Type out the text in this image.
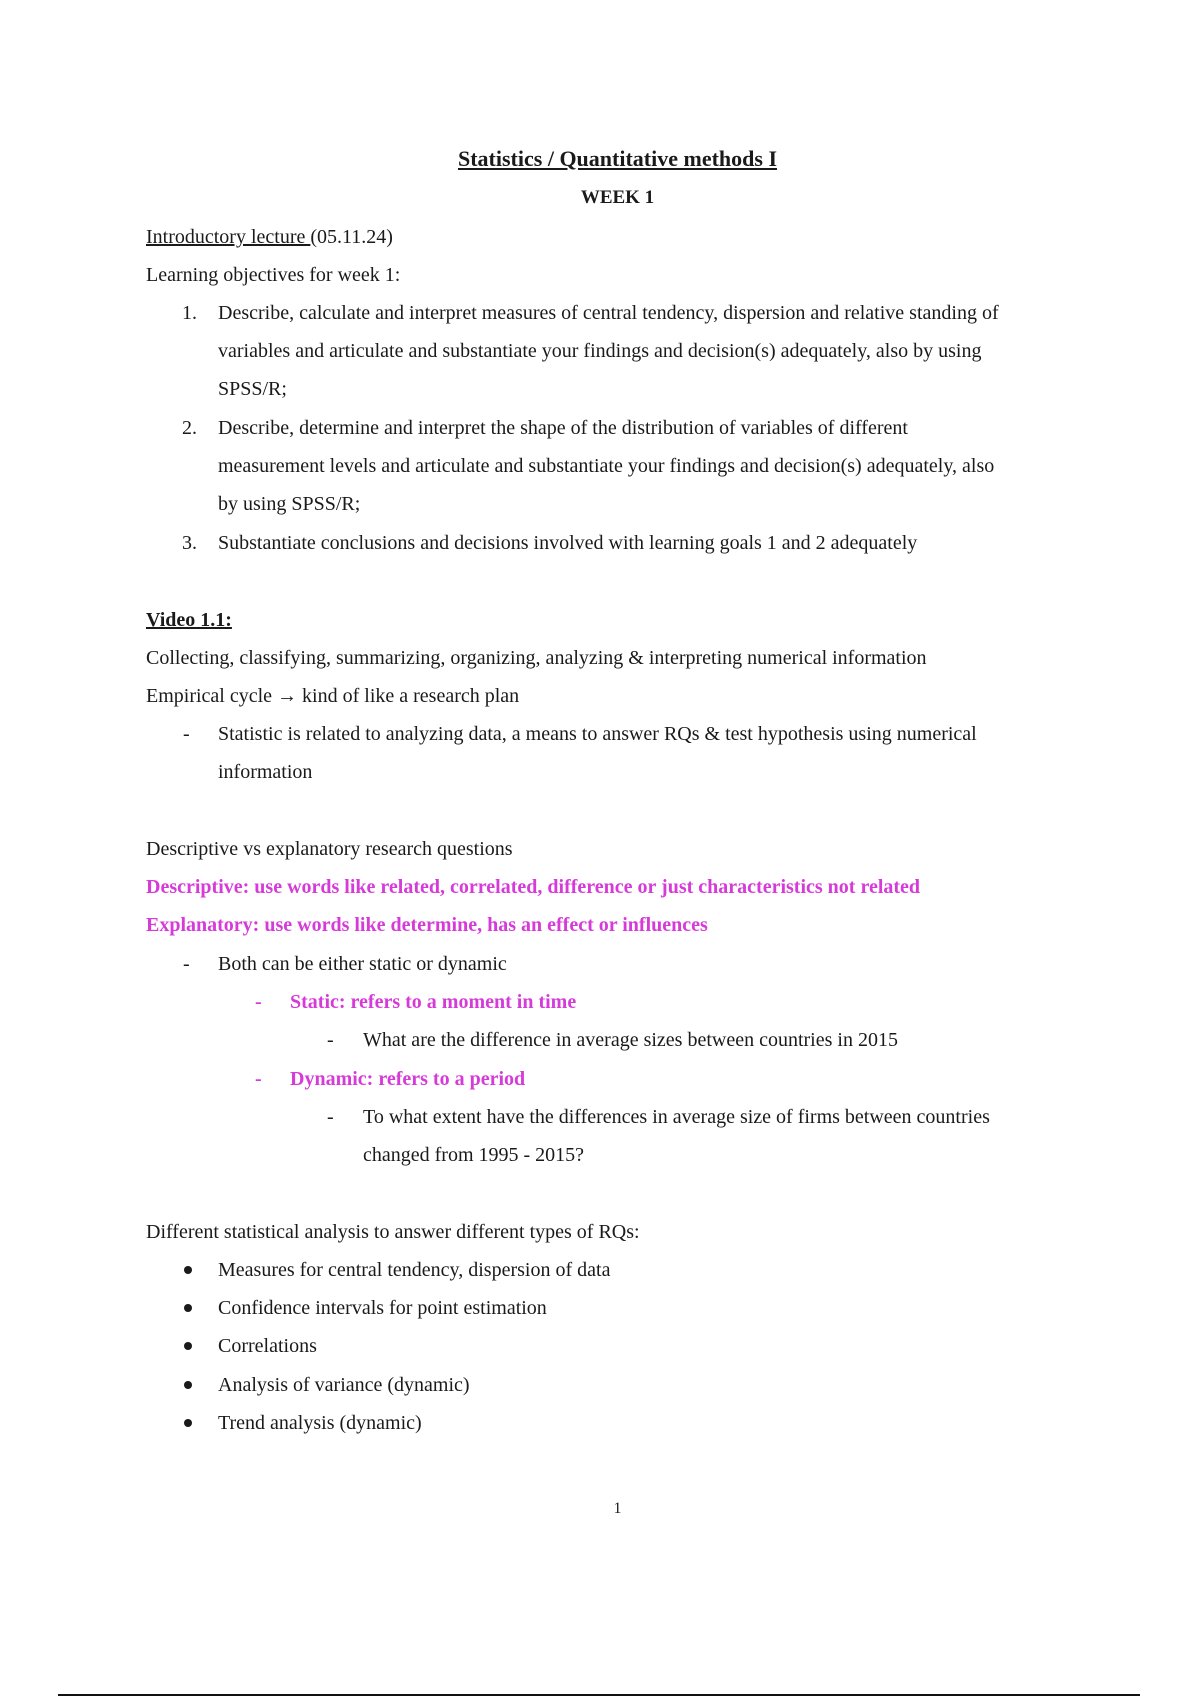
Statistics / Quantitative methods I
WEEK 1
Introductory lecture (05.11.24)
Learning objectives for week 1:
1. Describe, calculate and interpret measures of central tendency, dispersion and relative standing of
variables and articulate and substantiate your findings and decision(s) adequately, also by using
SPSS/R;
2. Describe, determine and interpret the shape of the distribution of variables of different
measurement levels and articulate and substantiate your findings and decision(s) adequately, also
by using SPSS/R;
3. Substantiate conclusions and decisions involved with learning goals 1 and 2 adequately
Video 1.1:
Collecting, classifying, summarizing, organizing, analyzing & interpreting numerical information
Empirical cycle → kind of like a research plan
- Statistic is related to analyzing data, a means to answer RQs & test hypothesis using numerical
information
Descriptive vs explanatory research questions
Descriptive: use words like related, correlated, difference or just characteristics not related
Explanatory: use words like determine, has an effect or influences
- Both can be either static or dynamic
- Static: refers to a moment in time
- What are the difference in average sizes between countries in 2015
- Dynamic: refers to a period
- To what extent have the differences in average size of firms between countries
changed from 1995 - 2015?
Different statistical analysis to answer different types of RQs:
Measures for central tendency, dispersion of data
Confidence intervals for point estimation
Correlations
Analysis of variance (dynamic)
Trend analysis (dynamic)
1
